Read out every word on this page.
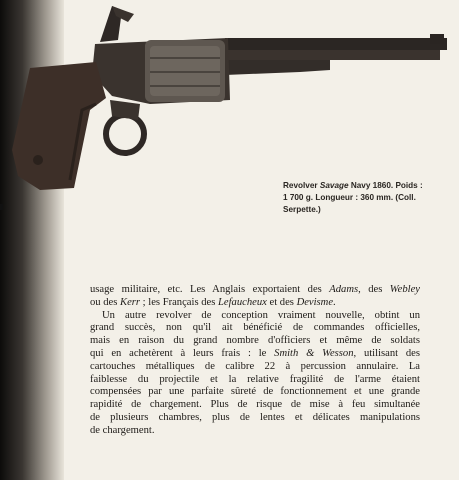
Revolver Savage Navy 1860. Poids :
1 700 g. Longueur : 360 mm. (Coll.
Serpette.)
usage militaire, etc. Les Anglais exportaient des Adams, des Webley
ou des Kerr ; les Français des Lefaucheux et des Devisme.
Un autre revolver de conception vraiment nouvelle, obtint un
grand succès, non qu'il ait bénéficié de commandes officielles,
mais en raison du grand nombre d'officiers et même de soldats
qui en achetèrent à leurs frais : le Smith & Wesson, utilisant des
cartouches métalliques de calibre 22 à percussion annulaire. La
faiblesse du projectile et la relative fragilité de l'arme étaient
compensées par une parfaite sûreté de fonctionnement et une grande
rapidité de chargement. Plus de risque de mise à feu simultanée
de plusieurs chambres, plus de lentes et délicates manipulations
de chargement.
